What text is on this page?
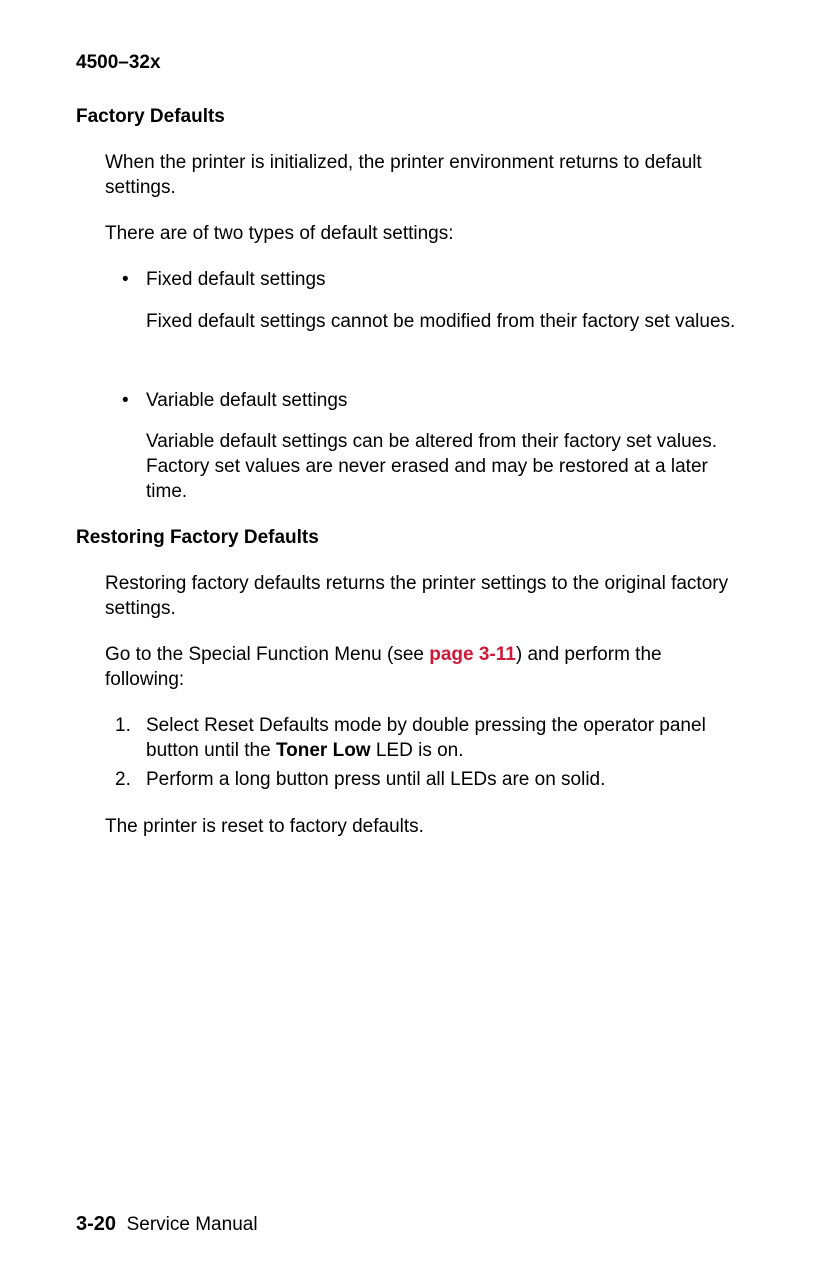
4500–32x
Factory Defaults
When the printer is initialized, the printer environment returns to default settings.
There are of two types of default settings:
• Fixed default settings
Fixed default settings cannot be modified from their factory set values.
• Variable default settings
Variable default settings can be altered from their factory set values. Factory set values are never erased and may be restored at a later time.
Restoring Factory Defaults
Restoring factory defaults returns the printer settings to the original factory settings.
Go to the Special Function Menu (see page 3-11) and perform the following:
1. Select Reset Defaults mode by double pressing the operator panel button until the Toner Low LED is on.
2. Perform a long button press until all LEDs are on solid.
The printer is reset to factory defaults.
3-20 Service Manual
